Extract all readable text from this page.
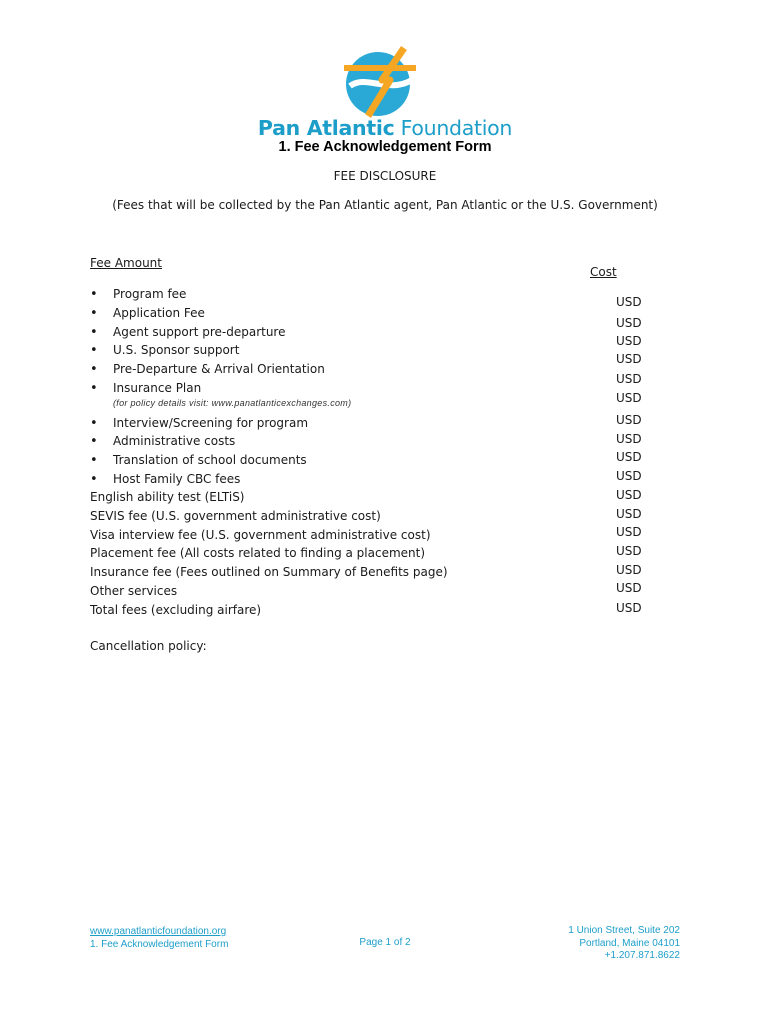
Pan Atlantic Foundation
1. Fee Acknowledgement Form
FEE DISCLOSURE
(Fees that will be collected by the Pan Atlantic agent, Pan Atlantic or the U.S. Government)
Fee Amount
Cost
• Program fee
• Application Fee
• Agent support pre-departure
• U.S. Sponsor support
• Pre-Departure & Arrival Orientation
• Insurance Plan
(for policy details visit: www.panatlanticexchanges.com)
• Interview/Screening for program
• Administrative costs
• Translation of school documents
• Host Family CBC fees
English ability test (ELTiS)
SEVIS fee (U.S. government administrative cost)
Visa interview fee (U.S. government administrative cost)
Placement fee (All costs related to finding a placement)
Insurance fee (Fees outlined on Summary of Benefits page)
Other services
Total fees (excluding airfare)
USD
USD
USD
USD
USD
USD
USD
USD
USD
USD
USD
USD
USD
USD
USD
USD
USD
Cancellation policy:
www.panatlanticfoundation.org
1. Fee Acknowledgement Form	Page 1 of 2
1 Union Street, Suite 202
Portland, Maine 04101
+1.207.871.8622
